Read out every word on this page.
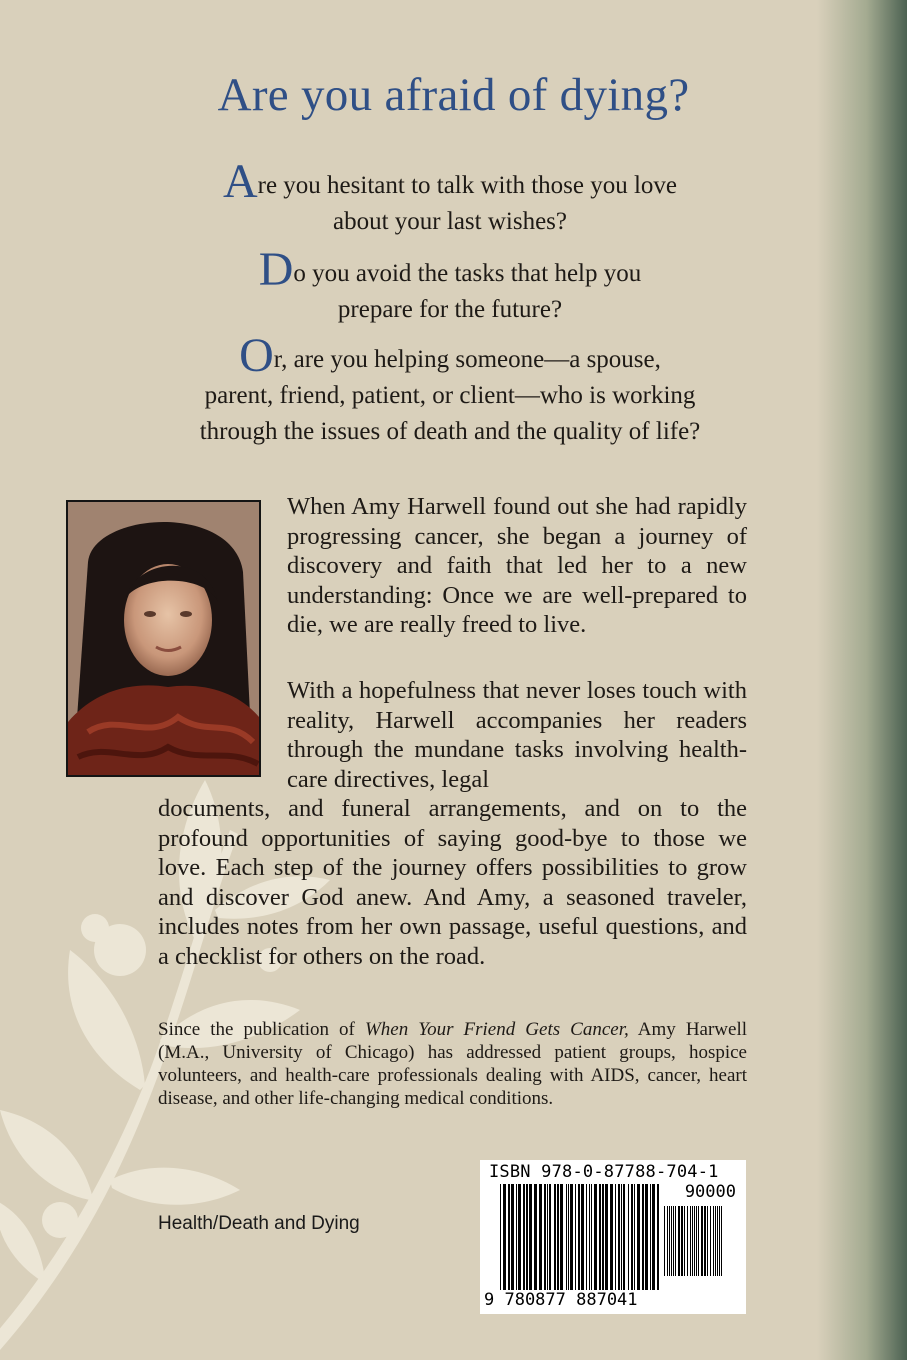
Are you afraid of dying?

Are you hesitant to talk with those you love
about your last wishes?

Do you avoid the tasks that help you
prepare for the future?

Or, are you helping someone—a spouse,
parent, friend, patient, or client—who is working
through the issues of death and the quality of life?

When Amy Harwell found out she had rapidly progressing cancer, she began a journey of discovery and faith that led her to a new understanding: Once we are well-prepared to die, we are really freed to live.

With a hopefulness that never loses touch with reality, Harwell accompanies her readers through the mundane tasks involving health-care directives, legal

documents, and funeral arrangements, and on to the profound opportunities of saying good-bye to those we love. Each step of the journey offers possibilities to grow and discover God anew. And Amy, a seasoned traveler, includes notes from her own passage, useful questions, and a checklist for others on the road.

Since the publication of When Your Friend Gets Cancer, Amy Harwell (M.A., University of Chicago) has addressed patient groups, hospice volunteers, and health-care professionals dealing with AIDS, cancer, heart disease, and other life-changing medical conditions.

Health/Death and Dying
ISBN 978-0-87788-704-1
90000
9 780877 887041
